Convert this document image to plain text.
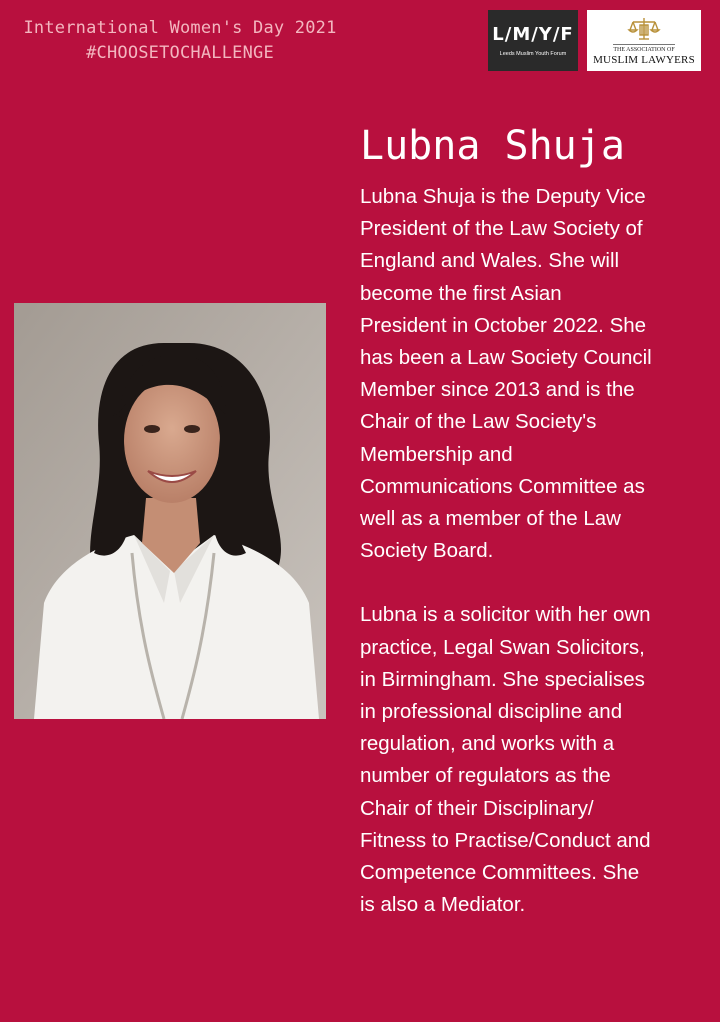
International Women's Day 2021
#CHOOSETOCHALLENGE
L/M/Y/F
Leeds Muslim Youth Forum
THE ASSOCIATION OF
MUSLIM LAWYERS
Lubna Shuja

Lubna Shuja is the Deputy Vice
President of the Law Society of
England and Wales. She will
become the first Asian
President in October 2022. She
has been a Law Society Council
Member since 2013 and is the
Chair of the Law Society's
Membership and
Communications Committee as
well as a member of the Law
Society Board.

Lubna is a solicitor with her own
practice, Legal Swan Solicitors,
in Birmingham. She specialises
in professional discipline and
regulation, and works with a
number of regulators as the
Chair of their Disciplinary/
Fitness to Practise/Conduct and
Competence Committees. She
is also a Mediator.
